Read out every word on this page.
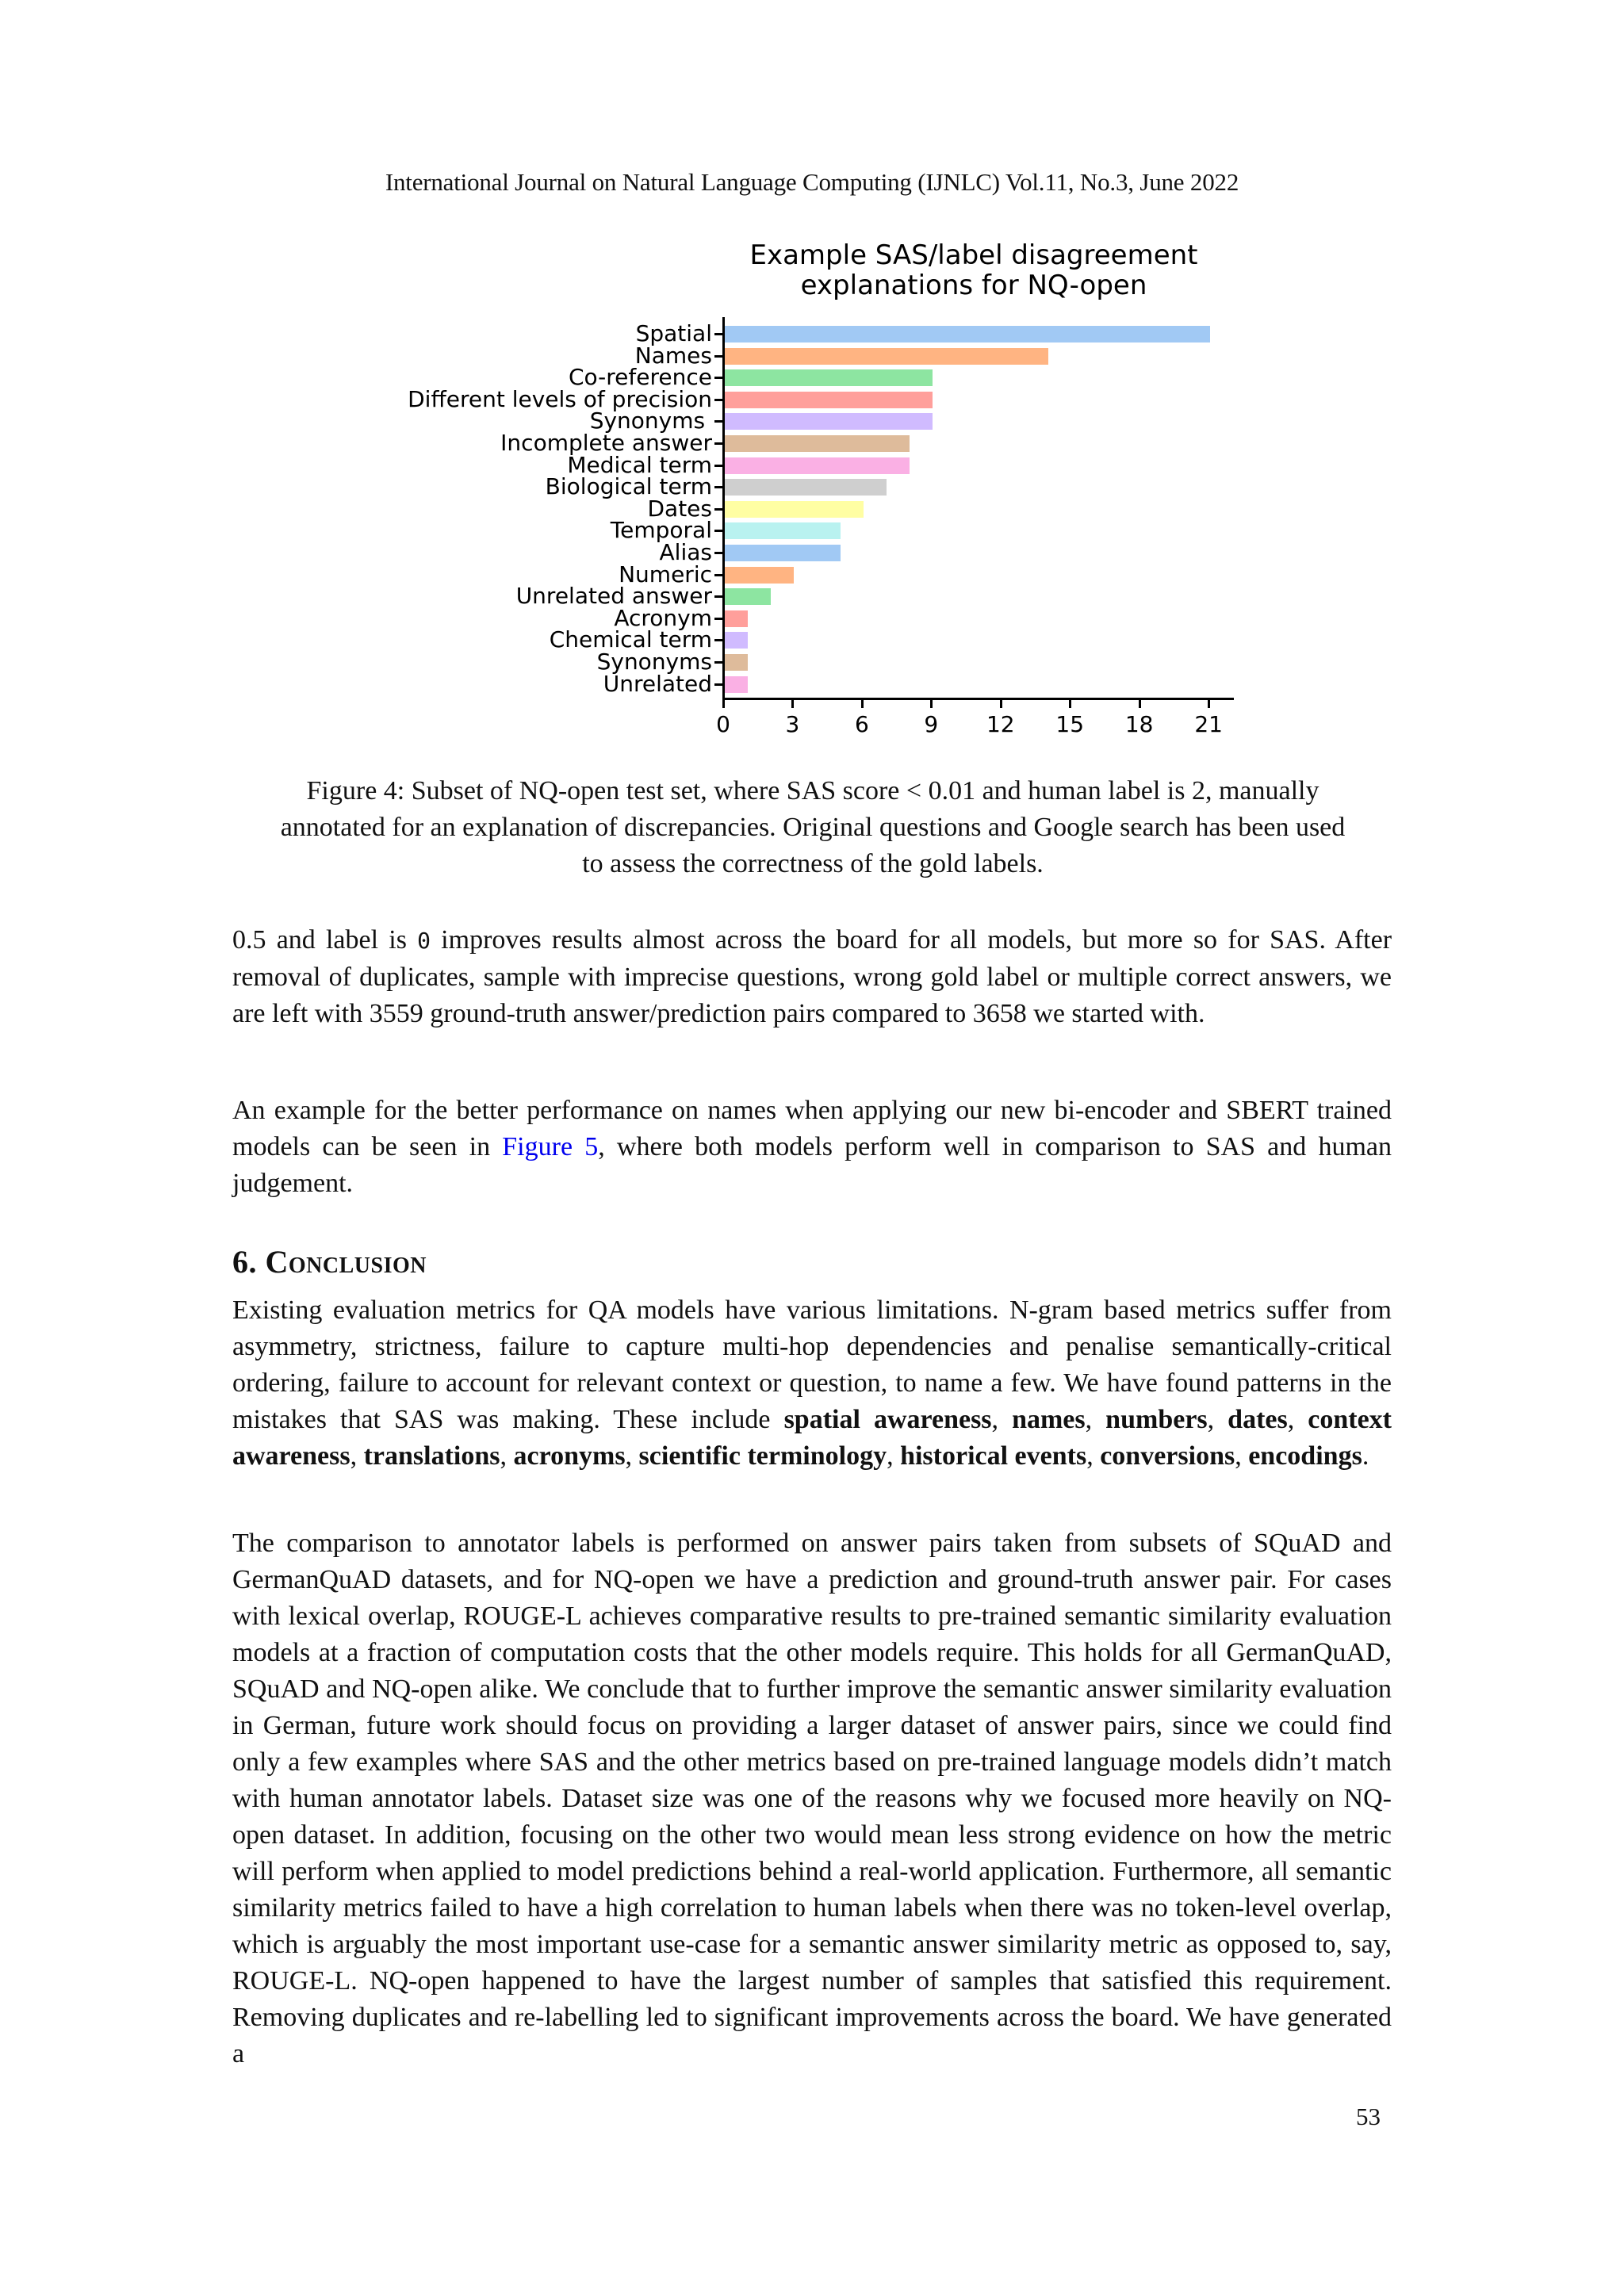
International Journal on Natural Language Computing (IJNLC) Vol.11, No.3, June 2022
Example SAS/label disagreement
explanations for NQ-open
Spatial
Names
Co-reference
Different levels of precision
Synonyms
Incomplete answer
Medical term
Biological term
Dates
Temporal
Alias
Numeric
Unrelated answer
Acronym
Chemical term
Synonyms
Unrelated
0	3	6	9	12	15	18	21
Figure 4: Subset of NQ-open test set, where SAS score < 0.01 and human label is 2, manually
annotated for an explanation of discrepancies. Original questions and Google search has been used
to assess the correctness of the gold labels.

0.5 and label is 0 improves results almost across the board for all models, but more so for SAS. After removal of duplicates, sample with imprecise questions, wrong gold label or multiple correct answers, we are left with 3559 ground-truth answer/prediction pairs compared to 3658 we started with.

An example for the better performance on names when applying our new bi-encoder and SBERT trained models can be seen in Figure 5, where both models perform well in comparison to SAS and human judgement.

6. Conclusion

Existing evaluation metrics for QA models have various limitations. N-gram based metrics suffer from asymmetry, strictness, failure to capture multi-hop dependencies and penalise semantically-critical ordering, failure to account for relevant context or question, to name a few. We have found patterns in the mistakes that SAS was making. These include spatial awareness, names, numbers, dates, context awareness, translations, acronyms, scientific terminology, historical events, conversions, encodings.

The comparison to annotator labels is performed on answer pairs taken from subsets of SQuAD and GermanQuAD datasets, and for NQ-open we have a prediction and ground-truth answer pair. For cases with lexical overlap, ROUGE-L achieves comparative results to pre-trained semantic similarity evaluation models at a fraction of computation costs that the other models require. This holds for all GermanQuAD, SQuAD and NQ-open alike. We conclude that to further improve the semantic answer similarity evaluation in German, future work should focus on providing a larger dataset of answer pairs, since we could find only a few examples where SAS and the other metrics based on pre-trained language models didn’t match with human annotator labels. Dataset size was one of the reasons why we focused more heavily on NQ-open dataset. In addition, focusing on the other two would mean less strong evidence on how the metric will perform when applied to model predictions behind a real-world application. Furthermore, all semantic similarity metrics failed to have a high correlation to human labels when there was no token-level overlap, which is arguably the most important use-case for a semantic answer similarity metric as opposed to, say, ROUGE-L. NQ-open happened to have the largest number of samples that satisfied this requirement. Removing duplicates and re-labelling led to significant improvements across the board. We have generated a

53
